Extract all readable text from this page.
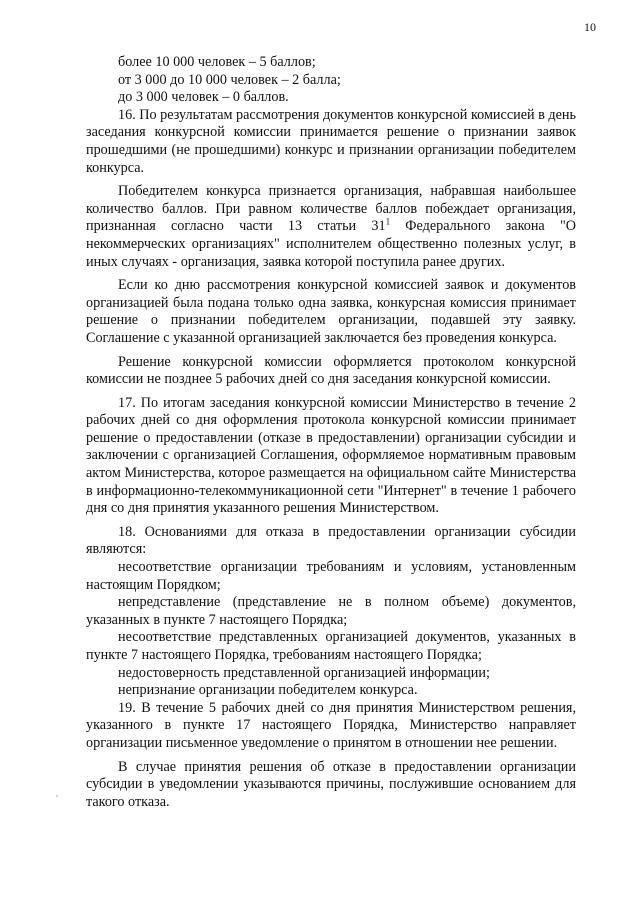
10

более 10 000 человек – 5 баллов;

от 3 000 до 10 000 человек – 2 балла;

до 3 000 человек – 0 баллов.

16. По результатам рассмотрения документов конкурсной комиссией в день заседания конкурсной комиссии принимается решение о признании заявок прошедшими (не прошедшими) конкурс и признании организации победителем конкурса.

Победителем конкурса признается организация, набравшая наибольшее количество баллов. При равном количестве баллов побеждает организация, признанная согласно части 13 статьи $31^1$ Федерального закона "О некоммерческих организациях" исполнителем общественно полезных услуг, в иных случаях - организация, заявка которой поступила ранее других.

Если ко дню рассмотрения конкурсной комиссией заявок и документов организацией была подана только одна заявка, конкурсная комиссия принимает решение о признании победителем организации, подавшей эту заявку. Соглашение с указанной организацией заключается без проведения конкурса.

Решение конкурсной комиссии оформляется протоколом конкурсной комиссии не позднее 5 рабочих дней со дня заседания конкурсной комиссии.

17. По итогам заседания конкурсной комиссии Министерство в течение 2 рабочих дней со дня оформления протокола конкурсной комиссии принимает решение о предоставлении (отказе в предоставлении) организации субсидии и заключении с организацией Соглашения, оформляемое нормативным правовым актом Министерства, которое размещается на официальном сайте Министерства в информационно-телекоммуникационной сети "Интернет" в течение 1 рабочего дня со дня принятия указанного решения Министерством.

18. Основаниями для отказа в предоставлении организации субсидии являются:

несоответствие организации требованиям и условиям, установленным настоящим Порядком;

непредставление (представление не в полном объеме) документов, указанных в пункте 7 настоящего Порядка;

несоответствие представленных организацией документов, указанных в пункте 7 настоящего Порядка, требованиям настоящего Порядка;

недостоверность представленной организацией информации;

непризнание организации победителем конкурса.

19. В течение 5 рабочих дней со дня принятия Министерством решения, указанного в пункте 17 настоящего Порядка, Министерство направляет организации письменное уведомление о принятом в отношении нее решении.

В случае принятия решения об отказе в предоставлении организации субсидии в уведомлении указываются причины, послужившие основанием для такого отказа.
